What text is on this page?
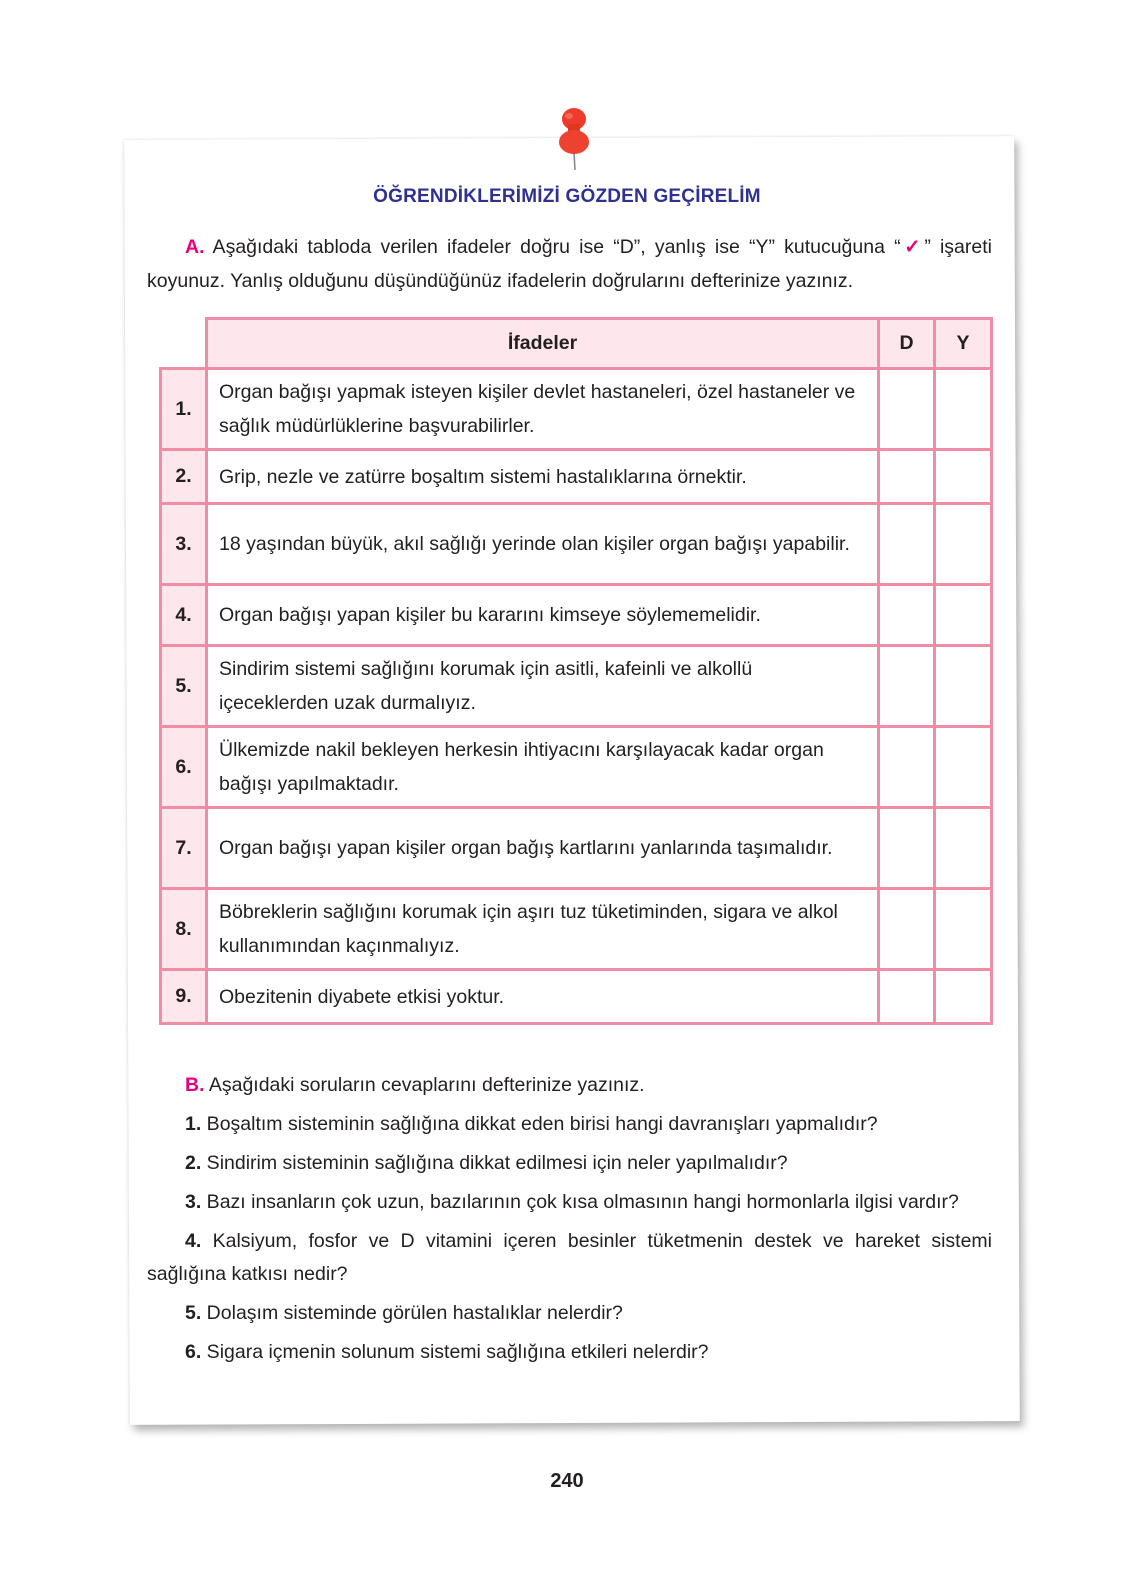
ÖĞRENDİKLERİMİZİ GÖZDEN GEÇİRELİM
A. Aşağıdaki tabloda verilen ifadeler doğru ise “D”, yanlış ise “Y” kutucuğuna “✓” işareti koyunuz. Yanlış olduğunu düşündüğünüz ifadelerin doğrularını defterinize yazınız.
	İfadeler	D	Y
1.	Organ bağışı yapmak isteyen kişiler devlet hastaneleri, özel hastaneler ve sağlık müdürlüklerine başvurabilirler.		
2.	Grip, nezle ve zatürre boşaltım sistemi hastalıklarına örnektir.		
3.	18 yaşından büyük, akıl sağlığı yerinde olan kişiler organ bağışı yapabilir.		
4.	Organ bağışı yapan kişiler bu kararını kimseye söylememelidir.		
5.	Sindirim sistemi sağlığını korumak için asitli, kafeinli ve alkollü içeceklerden uzak durmalıyız.		
6.	Ülkemizde nakil bekleyen herkesin ihtiyacını karşılayacak kadar organ bağışı yapılmaktadır.		
7.	Organ bağışı yapan kişiler organ bağış kartlarını yanlarında taşımalıdır.		
8.	Böbreklerin sağlığını korumak için aşırı tuz tüketiminden, sigara ve alkol kullanımından kaçınmalıyız.		
9.	Obezitenin diyabete etkisi yoktur.		

B. Aşağıdaki soruların cevaplarını defterinize yazınız.

1. Boşaltım sisteminin sağlığına dikkat eden birisi hangi davranışları yapmalıdır?

2. Sindirim sisteminin sağlığına dikkat edilmesi için neler yapılmalıdır?

3. Bazı insanların çok uzun, bazılarının çok kısa olmasının hangi hormonlarla ilgisi vardır?

4. Kalsiyum, fosfor ve D vitamini içeren besinler tüketmenin destek ve hareket sistemi sağlığına katkısı nedir?

5. Dolaşım sisteminde görülen hastalıklar nelerdir?

6. Sigara içmenin solunum sistemi sağlığına etkileri nelerdir?

240
